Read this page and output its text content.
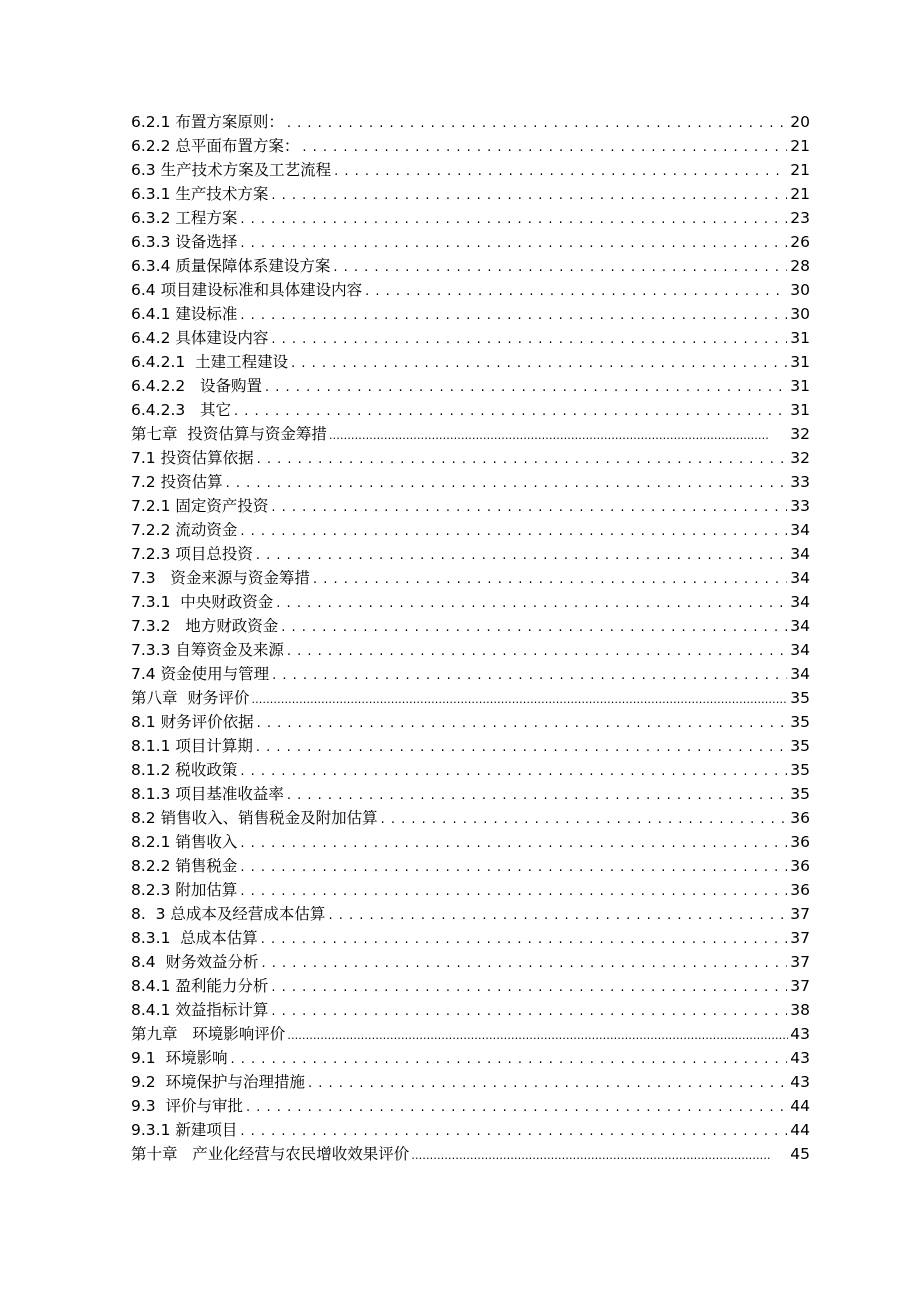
6.2.1 布置方案原则： . . .	20
6.2.2 总平面布置方案： . . .	21
6.3 生产技术方案及工艺流程 . . .	21
6.3.1 生产技术方案 . . .	21
6.3.2 工程方案 . . .	23
6.3.3 设备选择 . . .	26
6.3.4 质量保障体系建设方案 . . .	28
6.4 项目建设标准和具体建设内容 . . .	30
6.4.1 建设标准 . . .	30
6.4.2 具体建设内容 . . .	31
6.4.2.1  土建工程建设 . . .	31
6.4.2.2   设备购置 . . .	31
6.4.2.3   其它 . . .	31
第七章  投资估算与资金筹措 …………………………………………………………………………………………………………………………………………………………………………………………………………	32
7.1 投资估算依据 . . .	32
7.2 投资估算 . . .	33
7.2.1 固定资产投资 . . .	33
7.2.2 流动资金 . . .	34
7.2.3 项目总投资 . . .	34
7.3   资金来源与资金筹措 . . .	34
7.3.1  中央财政资金 . . .	34
7.3.2   地方财政资金 . . .	34
7.3.3 自筹资金及来源 . . .	34
7.4 资金使用与管理 . . .	34
第八章  财务评价 …………………………………………………………………………………………………………………………………………………………………………………………………………	35
8.1 财务评价依据 . . .	35
8.1.1 项目计算期 . . .	35
8.1.2 税收政策 . . .	35
8.1.3 项目基准收益率 . . .	35
8.2 销售收入、销售税金及附加估算 . . .	36
8.2.1 销售收入 . . .	36
8.2.2 销售税金 . . .	36
8.2.3 附加估算 . . .	36
8.  3 总成本及经营成本估算 . . .	37
8.3.1  总成本估算 . . .	37
8.4  财务效益分析 . . .	37
8.4.1 盈利能力分析 . . .	37
8.4.1 效益指标计算 . . .	38
第九章   环境影响评价 …………………………………………………………………………………………………………………………………………………………………………………………………………	43
9.1  环境影响 . . .	43
9.2  环境保护与治理措施 . . .	43
9.3  评价与审批 . . .	44
9.3.1 新建项目 . . .	44
第十章   产业化经营与农民增收效果评价 …………………………………………………………………………………………………………………………………………………………………………………………………………	45
